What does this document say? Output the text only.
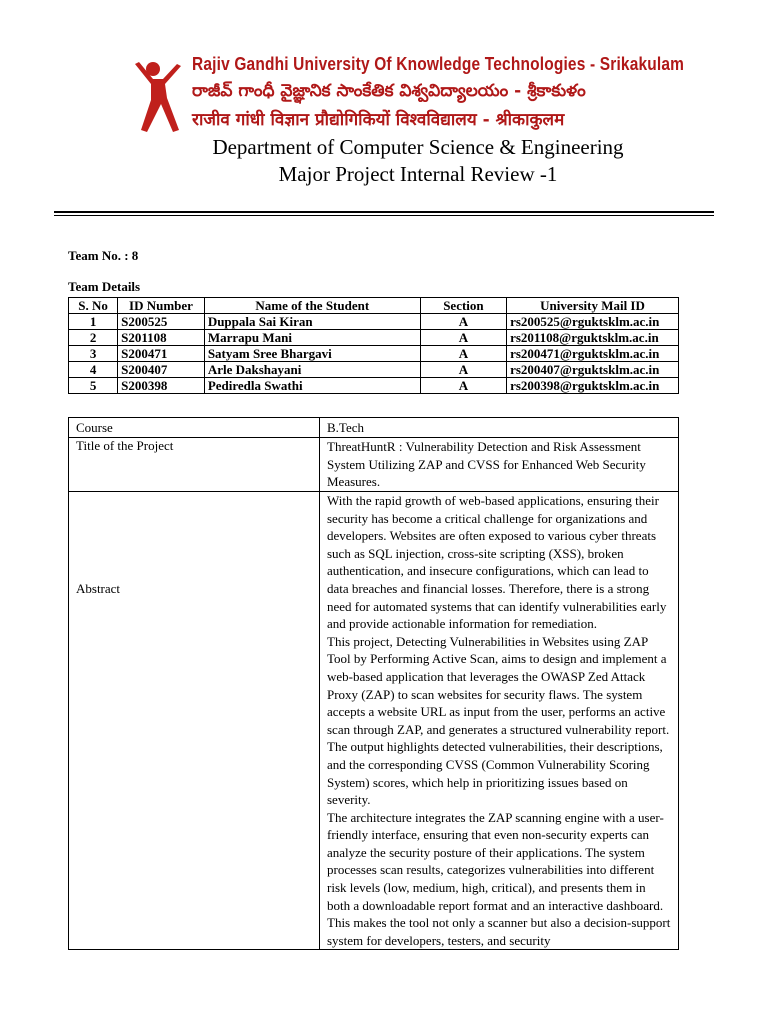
Rajiv Gandhi University Of Knowledge Technologies - Srikakulam
రాజీవ్ గాంధీ వైజ్ఞానిక సాంకేతిక విశ్వవిద్యాలయం - శ్రీకాకుళం
राजीव गांधी विज्ञान प्रौद्योगिकियों विश्वविद्यालय - श्रीकाकुलम
Department of Computer Science & Engineering
Major Project Internal Review -1
Team No. : 8
Team Details
S. No	ID Number	Name of the Student	Section	University Mail ID
1	S200525	Duppala Sai Kiran	A	rs200525@rguktsklm.ac.in
2	S201108	Marrapu Mani	A	rs201108@rguktsklm.ac.in
3	S200471	Satyam Sree Bhargavi	A	rs200471@rguktsklm.ac.in
4	S200407	Arle Dakshayani	A	rs200407@rguktsklm.ac.in
5	S200398	Pediredla Swathi	A	rs200398@rguktsklm.ac.in
Course	B.Tech
Title of the Project	ThreatHuntR : Vulnerability Detection and Risk Assessment System Utilizing ZAP and CVSS for Enhanced Web Security Measures.

Abstract	With the rapid growth of web-based applications, ensuring their security has become a critical challenge for organizations and developers. Websites are often exposed to various cyber threats such as SQL injection, cross-site scripting (XSS), broken authentication, and insecure configurations, which can lead to data breaches and financial losses. Therefore, there is a strong need for automated systems that can identify vulnerabilities early and provide actionable information for remediation.

This project, Detecting Vulnerabilities in Websites using ZAP Tool by Performing Active Scan, aims to design and implement a web-based application that leverages the OWASP Zed Attack Proxy (ZAP) to scan websites for security flaws. The system accepts a website URL as input from the user, performs an active scan through ZAP, and generates a structured vulnerability report. The output highlights detected vulnerabilities, their descriptions, and the corresponding CVSS (Common Vulnerability Scoring System) scores, which help in prioritizing issues based on severity.

The architecture integrates the ZAP scanning engine with a user-friendly interface, ensuring that even non-security experts can analyze the security posture of their applications. The system processes scan results, categorizes vulnerabilities into different risk levels (low, medium, high, critical), and presents them in both a downloadable report format and an interactive dashboard. This makes the tool not only a scanner but also a decision-support system for developers, testers, and security
